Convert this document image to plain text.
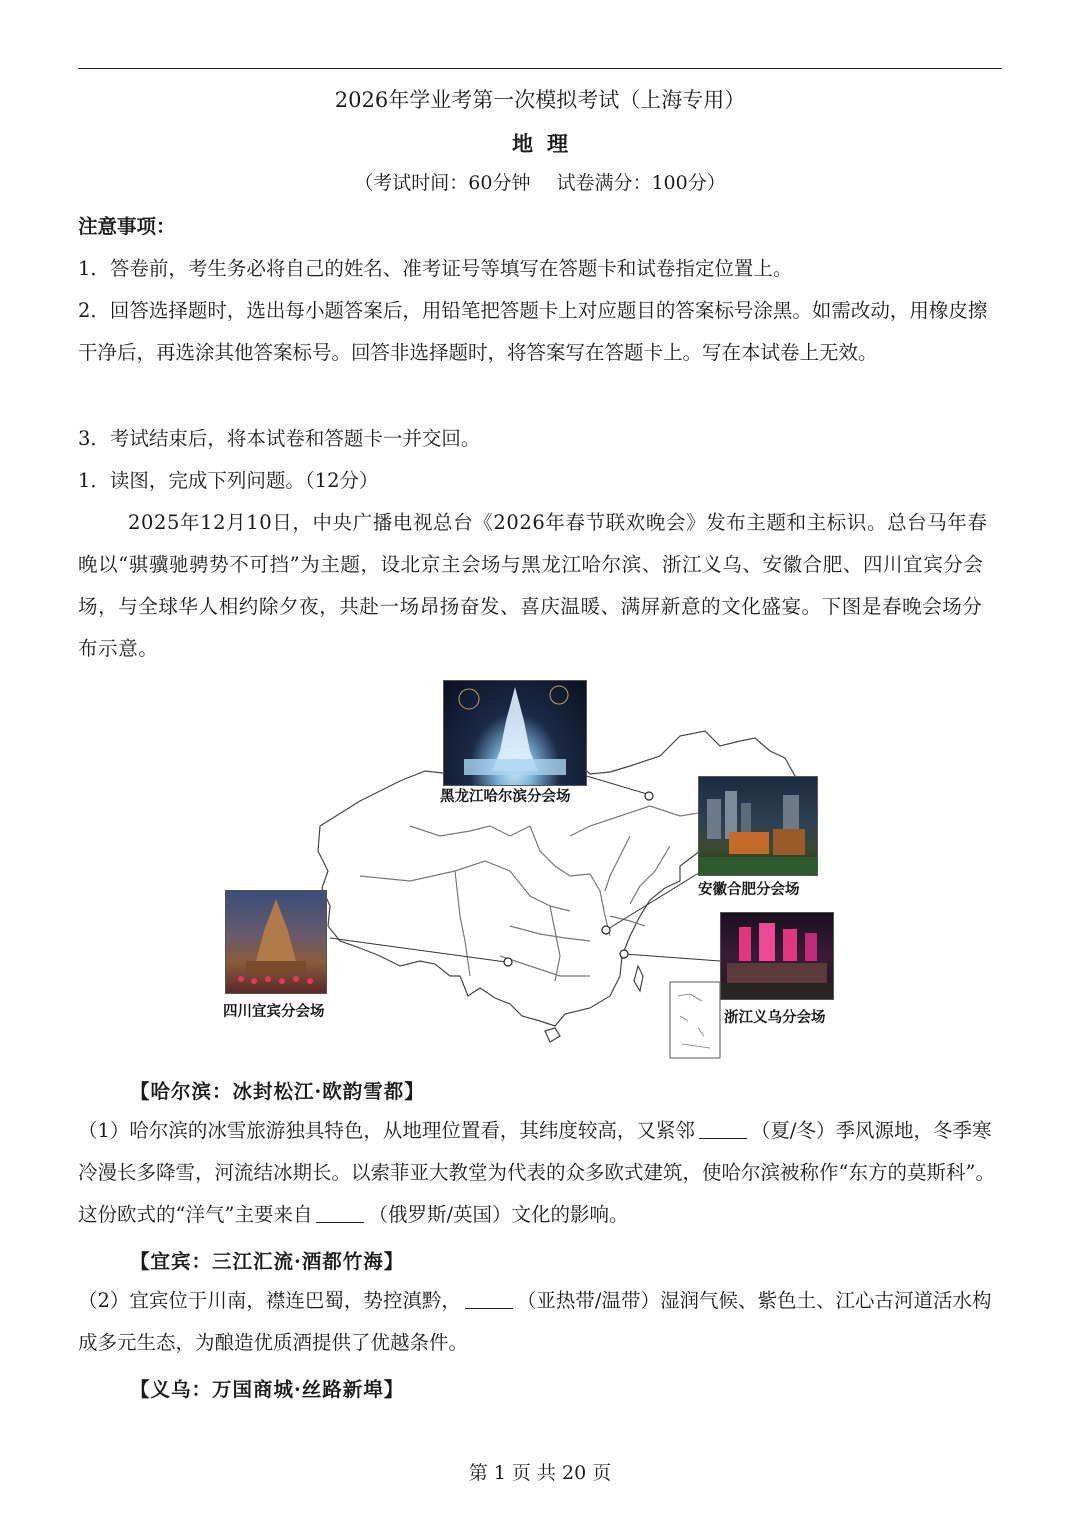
2026年学业考第一次模拟考试（上海专用）
地理
（考试时间：60分钟 试卷满分：100分）
注意事项：
1．答卷前，考生务必将自己的姓名、准考证号等填写在答题卡和试卷指定位置上。
2．回答选择题时，选出每小题答案后，用铅笔把答题卡上对应题目的答案标号涂黑。如需改动，用橡皮擦干净后，再选涂其他答案标号。回答非选择题时，将答案写在答题卡上。写在本试卷上无效。
3．考试结束后，将本试卷和答题卡一并交回。
1．读图，完成下列问题。（12分）
2025年12月10日，中央广播电视总台《2026年春节联欢晚会》发布主题和主标识。总台马年春晚以“骐骥驰骋势不可挡”为主题，设北京主会场与黑龙江哈尔滨、浙江义乌、安徽合肥、四川宜宾分会场，与全球华人相约除夕夜，共赴一场昂扬奋发、喜庆温暖、满屏新意的文化盛宴。下图是春晚会场分布示意。
黑龙江哈尔滨分会场
安徽合肥分会场
四川宜宾分会场	浙江义乌分会场
【哈尔滨：冰封松江·欧韵雪都】
（1）哈尔滨的冰雪旅游独具特色，从地理位置看，其纬度较高，又紧邻	（夏/冬）季风源地，冬季寒冷漫长多降雪，河流结冰期长。以索菲亚大教堂为代表的众多欧式建筑，使哈尔滨被称作“东方的莫斯科”。这份欧式的“洋气”主要来自	（俄罗斯/英国）文化的影响。
【宜宾：三江汇流·酒都竹海】
（2）宜宾位于川南，襟连巴蜀，势控滇黔，	（亚热带/温带）湿润气候、紫色土、江心古河道活水构成多元生态，为酿造优质酒提供了优越条件。
【义乌：万国商城·丝路新埠】
第 1 页 共 20 页
